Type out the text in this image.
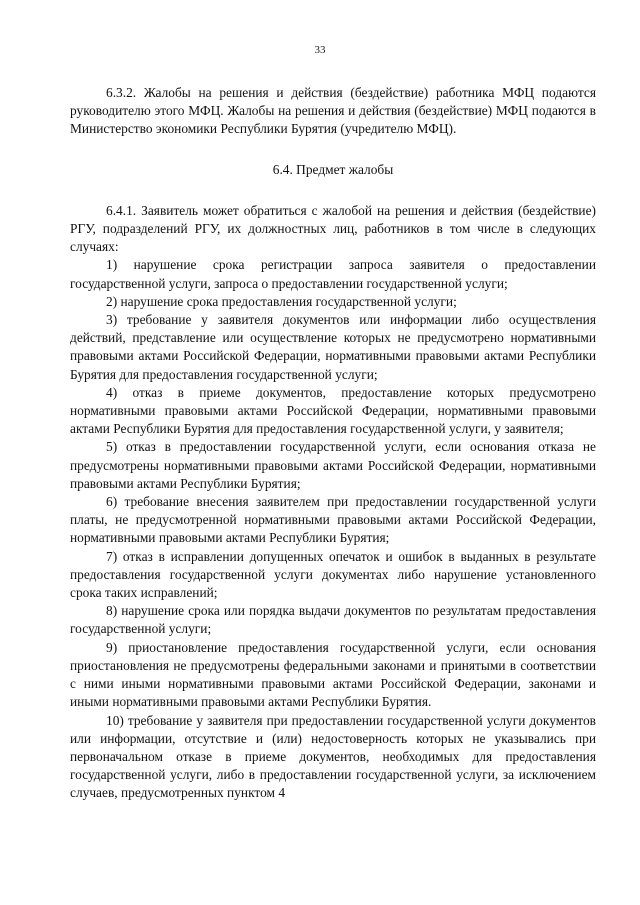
33

6.3.2. Жалобы на решения и действия (бездействие) работника МФЦ подаются руководителю этого МФЦ. Жалобы на решения и действия (бездействие) МФЦ подаются в Министерство экономики Республики Бурятия (учредителю МФЦ).

6.4. Предмет жалобы

6.4.1. Заявитель может обратиться с жалобой на решения и действия (бездействие) РГУ, подразделений РГУ, их должностных лиц, работников в том числе в следующих случаях:

1) нарушение срока регистрации запроса заявителя о предоставлении государственной услуги, запроса о предоставлении государственной услуги;

2) нарушение срока предоставления государственной услуги;

3) требование у заявителя документов или информации либо осуществления действий, представление или осуществление которых не предусмотрено нормативными правовыми актами Российской Федерации, нормативными правовыми актами Республики Бурятия для предоставления государственной услуги;

4) отказ в приеме документов, предоставление которых предусмотрено нормативными правовыми актами Российской Федерации, нормативными правовыми актами Республики Бурятия для предоставления государственной услуги, у заявителя;

5) отказ в предоставлении государственной услуги, если основания отказа не предусмотрены нормативными правовыми актами Российской Федерации, нормативными правовыми актами Республики Бурятия;

6) требование внесения заявителем при предоставлении государственной услуги платы, не предусмотренной нормативными правовыми актами Российской Федерации, нормативными правовыми актами Республики Бурятия;

7) отказ в исправлении допущенных опечаток и ошибок в выданных в результате предоставления государственной услуги документах либо нарушение установленного срока таких исправлений;

8) нарушение срока или порядка выдачи документов по результатам предоставления государственной услуги;

9) приостановление предоставления государственной услуги, если основания приостановления не предусмотрены федеральными законами и принятыми в соответствии с ними иными нормативными правовыми актами Российской Федерации, законами и иными нормативными правовыми актами Республики Бурятия.

10) требование у заявителя при предоставлении государственной услуги документов или информации, отсутствие и (или) недостоверность которых не указывались при первоначальном отказе в приеме документов, необходимых для предоставления государственной услуги, либо в предоставлении государственной услуги, за исключением случаев, предусмотренных пунктом 4
